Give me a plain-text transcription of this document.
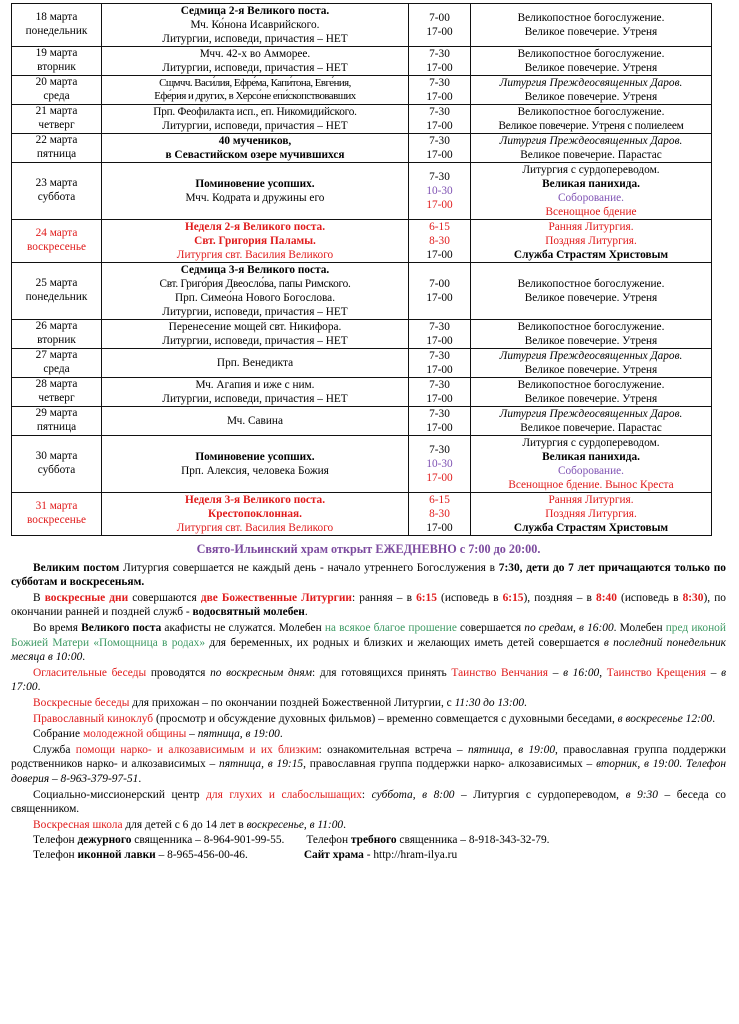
18 марта
понедельник	Седмица 2-я Великого поста.
Мч. Ко́нона Исаврийского.
Литургии, исповеди, причастия – НЕТ	7-00
17-00	Великопостное богослужение.
Великое повечерие. Утреня

19 марта
вторник	Мчч. 42-х во Амморее.
Литургии, исповеди, причастия – НЕТ	7-30
17-00	Великопостное богослужение.
Великое повечерие. Утреня

20 марта
среда	Сщмчч. Васи́лия, Ефре́ма, Капи́тона, Евге́ния,
Ефе́рия и других, в Херсо́не епи́скопствовавших	7-30
17-00	Литургия Преждеосвященных Даров.
Великое повечерие. Утреня

21 марта
четверг	Прп. Феофилакта исп., еп. Никомидийского.
Литургии, исповеди, причастия – НЕТ	7-30
17-00	Великопостное богослужение.
Великое повечерие. Утреня с полиелеем

22 марта
пятница	40 мучеников,
в Севастийском озере мучившихся	7-30
17-00	Литургия Преждеосвященных Даров.
Великое повечерие. Парастас

23 марта
суббота	Поминовение усопших.
Мчч. Кодрата и дружины его	7-30
10-30
17-00	Литургия с сурдопереводом.
Великая панихида.
Соборование.
Всенощное бдение

24 марта
воскресенье	Неделя 2-я Великого поста.
Свт. Григория Паламы.
Литургия свт. Василия Великого	6-15
8-30
17-00	Ранняя Литургия.
Поздняя Литургия.
Служба Страстям Христовым

25 марта
понедельник	Седмица 3-я Великого поста.
Свт. Григо́рия Двеосло́ва, папы Римского.
Прп. Симео́на Нового Богослова.
Литургии, исповеди, причастия – НЕТ	7-00
17-00	Великопостное богослужение.
Великое повечерие. Утреня

26 марта
вторник	Перенесение мощей свт. Никифора.
Литургии, исповеди, причастия – НЕТ	7-30
17-00	Великопостное богослужение.
Великое повечерие. Утреня

27 марта
среда	Прп. Венедикта	7-30
17-00	Литургия Преждеосвященных Даров.
Великое повечерие. Утреня

28 марта
четверг	Мч. Агапия и иже с ним.
Литургии, исповеди, причастия – НЕТ	7-30
17-00	Великопостное богослужение.
Великое повечерие. Утреня

29 марта
пятница	Мч. Савина	7-30
17-00	Литургия Преждеосвященных Даров.
Великое повечерие. Парастас

30 марта
суббота	Поминовение усопших.
Прп. Алексия, человека Божия	7-30
10-30
17-00	Литургия с сурдопереводом.
Великая панихида.
Соборование.
Всенощное бдение. Вынос Креста

31 марта
воскресенье	Неделя 3-я Великого поста.
Крестопоклонная.
Литургия свт. Василия Великого	6-15
8-30
17-00	Ранняя Литургия.
Поздняя Литургия.
Служба Страстям Христовым
Свято-Ильинский храм открыт ЕЖЕДНЕВНО с 7:00 до 20:00.

Великим постом Литургия совершается не каждый день - начало утреннего Богослужения в 7:30, дети до 7 лет причащаются только по субботам и воскресеньям.

В воскресные дни совершаются две Божественные Литургии: ранняя – в 6:15 (исповедь в 6:15), поздняя – в 8:40 (исповедь в 8:30), по окончании ранней и поздней служб - водосвятный молебен.

Во время Великого поста акафисты не служатся. Молебен на всякое благое прошение совершается по средам, в 16:00. Молебен пред иконой Божией Матери «Помощница в родах» для беременных, их родных и близких и желающих иметь детей совершается в последний понедельник месяца в 10:00.

Огласительные беседы проводятся по воскресным дням: для готовящихся принять Таинство Венчания – в 16:00, Таинство Крещения – в 17:00.

Воскресные беседы для прихожан – по окончании поздней Божественной Литургии, с 11:30 до 13:00.

Православный киноклуб (просмотр и обсуждение духовных фильмов) – временно совмещается с духовными беседами, в воскресенье 12:00.

Собрание молодежной общины – пятница, в 19:00.

Служба помощи нарко- и алкозависимым и их близким: ознакомительная встреча – пятница, в 19:00, православная группа поддержки родственников нарко- и алкозависимых – пятница, в 19:15, православная группа поддержки нарко- алкозависимых – вторник, в 19:00. Телефон доверия – 8-963-379-97-51.

Социально-миссионерский центр для глухих и слабослышащих: суббота, в 8:00 – Литургия с сурдопереводом, в 9:30 – беседа со священником.

Воскресная школа для детей с 6 до 14 лет в воскресенье, в 11:00.

Телефон дежурного священника – 8-964-901-99-55. Телефон требного священника – 8-918-343-32-79.
Телефон иконной лавки – 8-965-456-00-46.	Сайт храма - http://hram-ilya.ru
